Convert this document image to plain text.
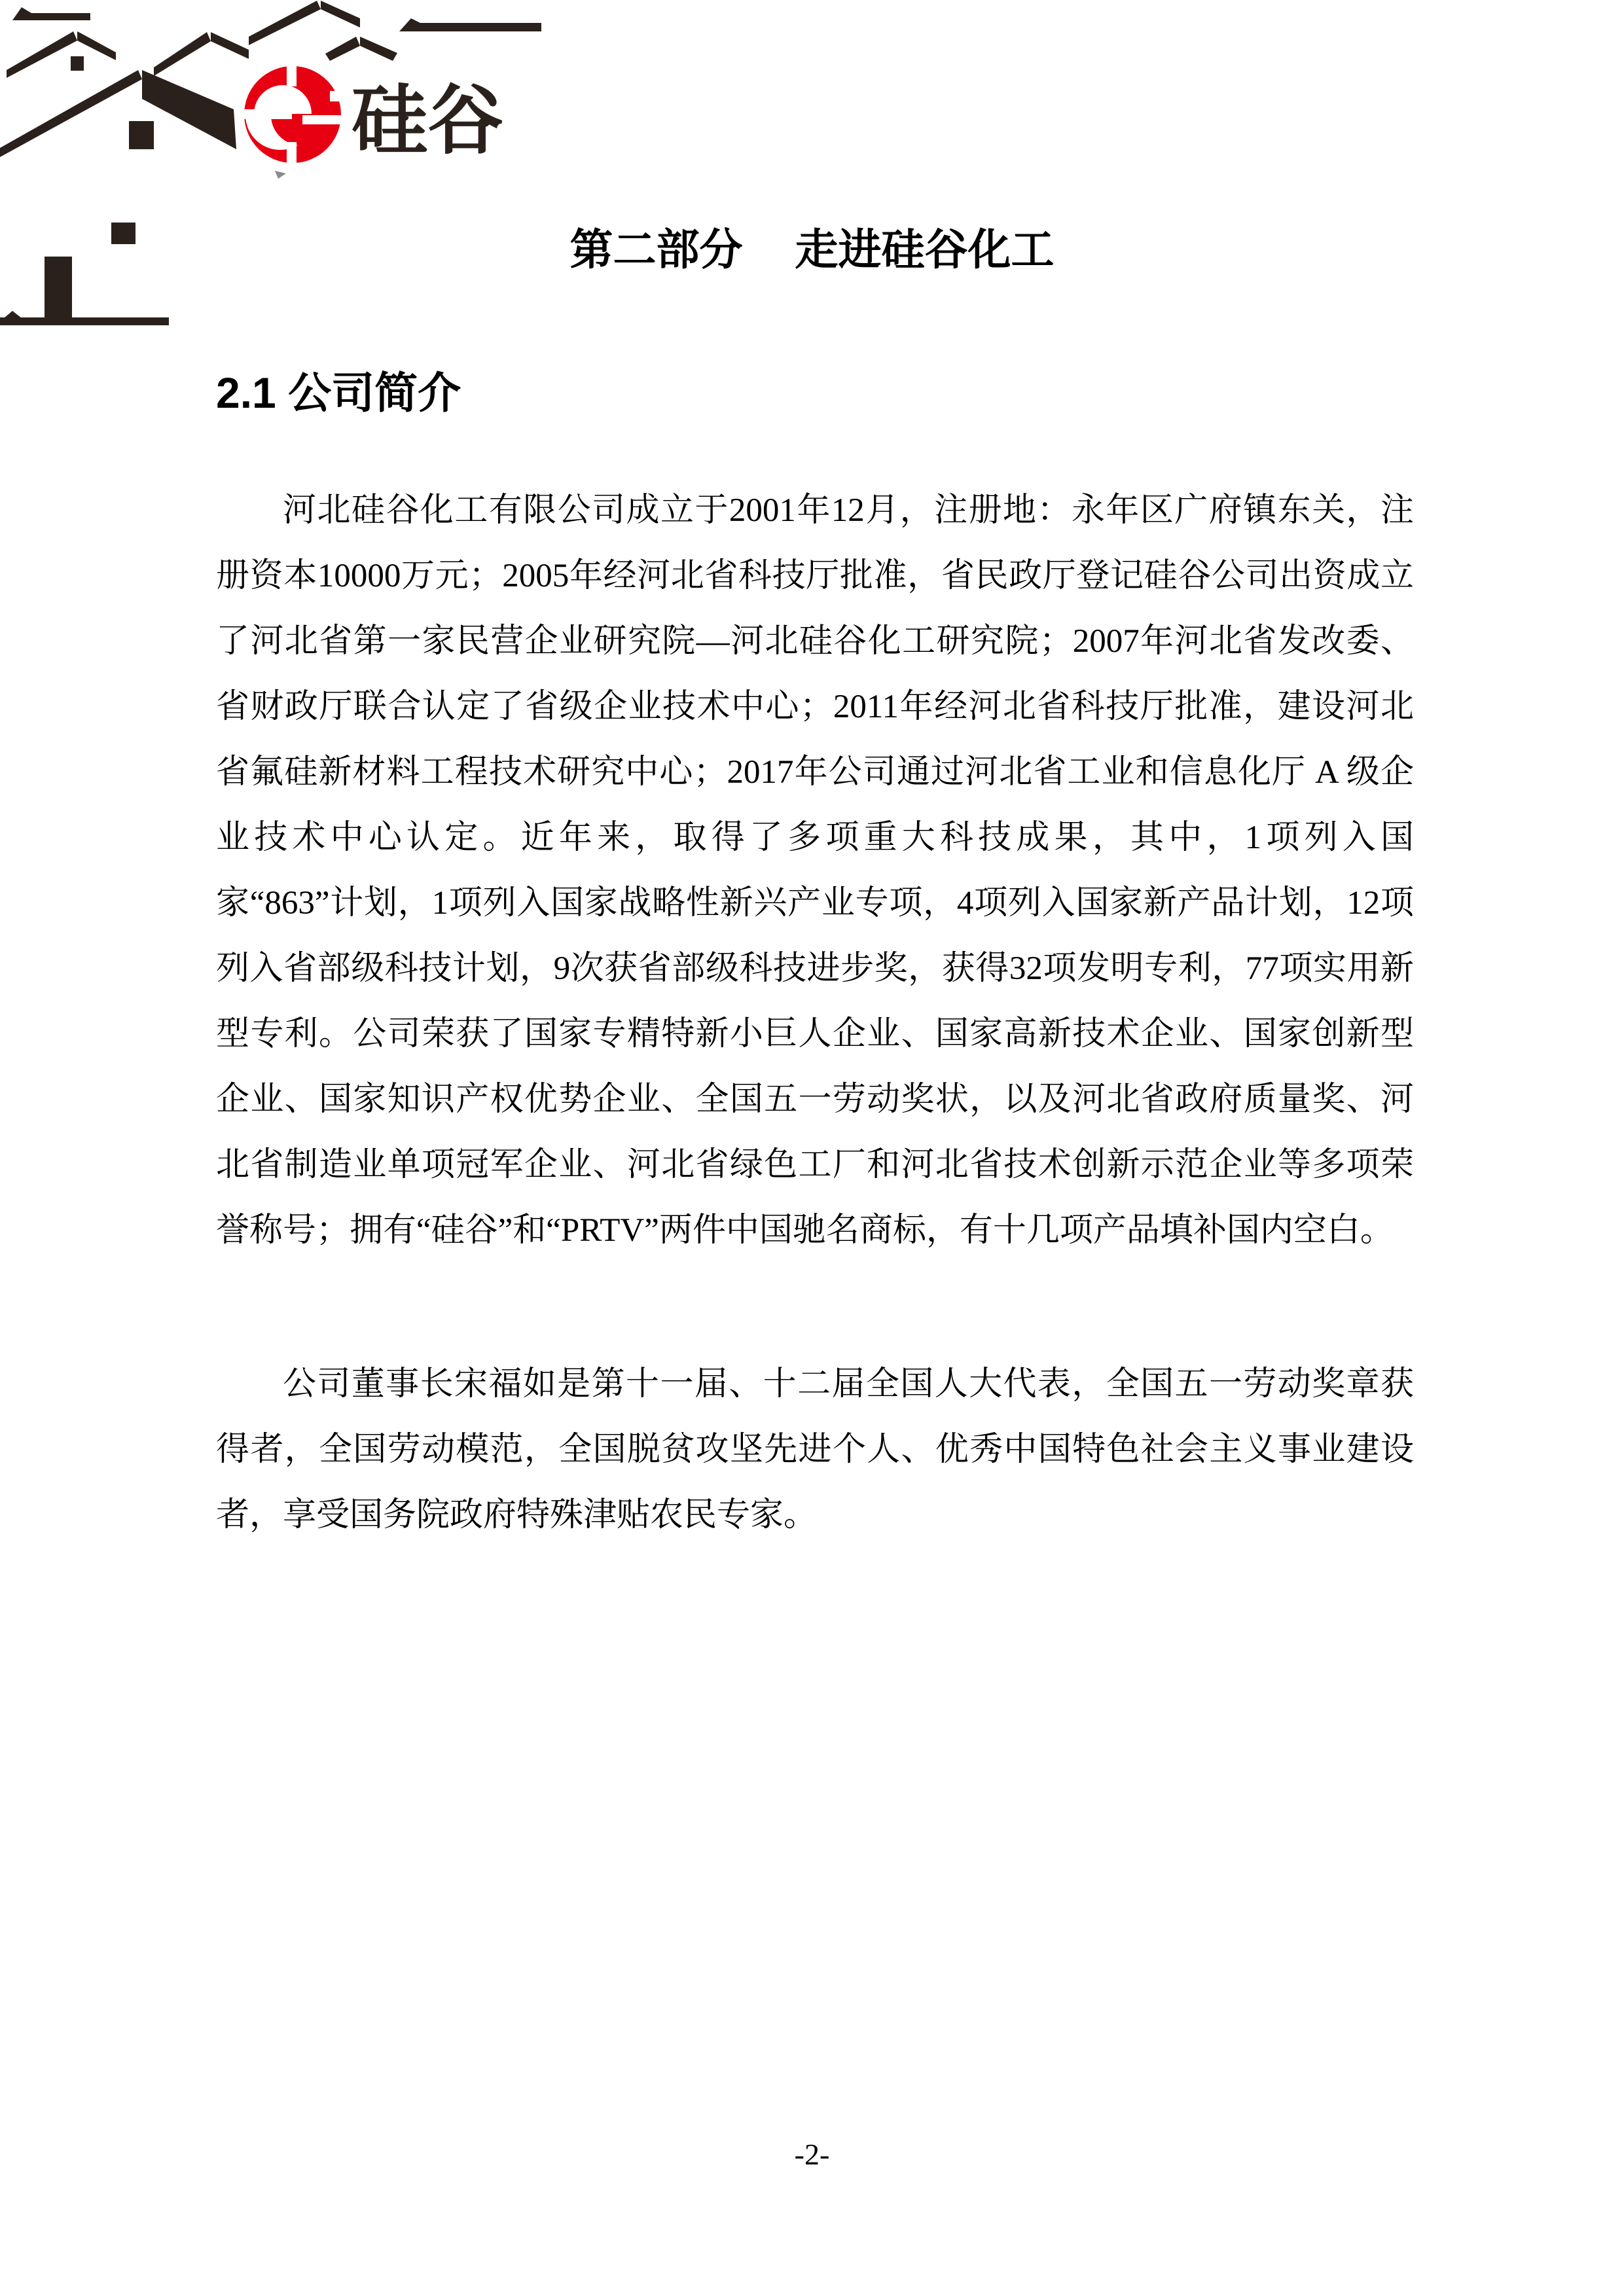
硅谷
第二部分 走进硅谷化工
2.1 公司简介

河北硅谷化工有限公司成立于2001年12月，注册地：永年区广府镇东关，注册资本10000万元；2005年经河北省科技厅批准，省民政厅登记硅谷公司出资成立了河北省第一家民营企业研究院—河北硅谷化工研究院；2007年河北省发改委、省财政厅联合认定了省级企业技术中心；2011年经河北省科技厅批准，建设河北省氟硅新材料工程技术研究中心；2017年公司通过河北省工业和信息化厅 A 级企业技术中心认定。近年来，取得了多项重大科技成果，其中，1项列入国家“863”计划，1项列入国家战略性新兴产业专项，4项列入国家新产品计划，12项列入省部级科技计划，9次获省部级科技进步奖，获得32项发明专利，77项实用新型专利。公司荣获了国家专精特新小巨人企业、国家高新技术企业、国家创新型企业、国家知识产权优势企业、全国五一劳动奖状，以及河北省政府质量奖、河北省制造业单项冠军企业、河北省绿色工厂和河北省技术创新示范企业等多项荣誉称号；拥有“硅谷”和“PRTV”两件中国驰名商标，有十几项产品填补国内空白。

公司董事长宋福如是第十一届、十二届全国人大代表，全国五一劳动奖章获得者，全国劳动模范，全国脱贫攻坚先进个人、优秀中国特色社会主义事业建设者，享受国务院政府特殊津贴农民专家。

-2-
